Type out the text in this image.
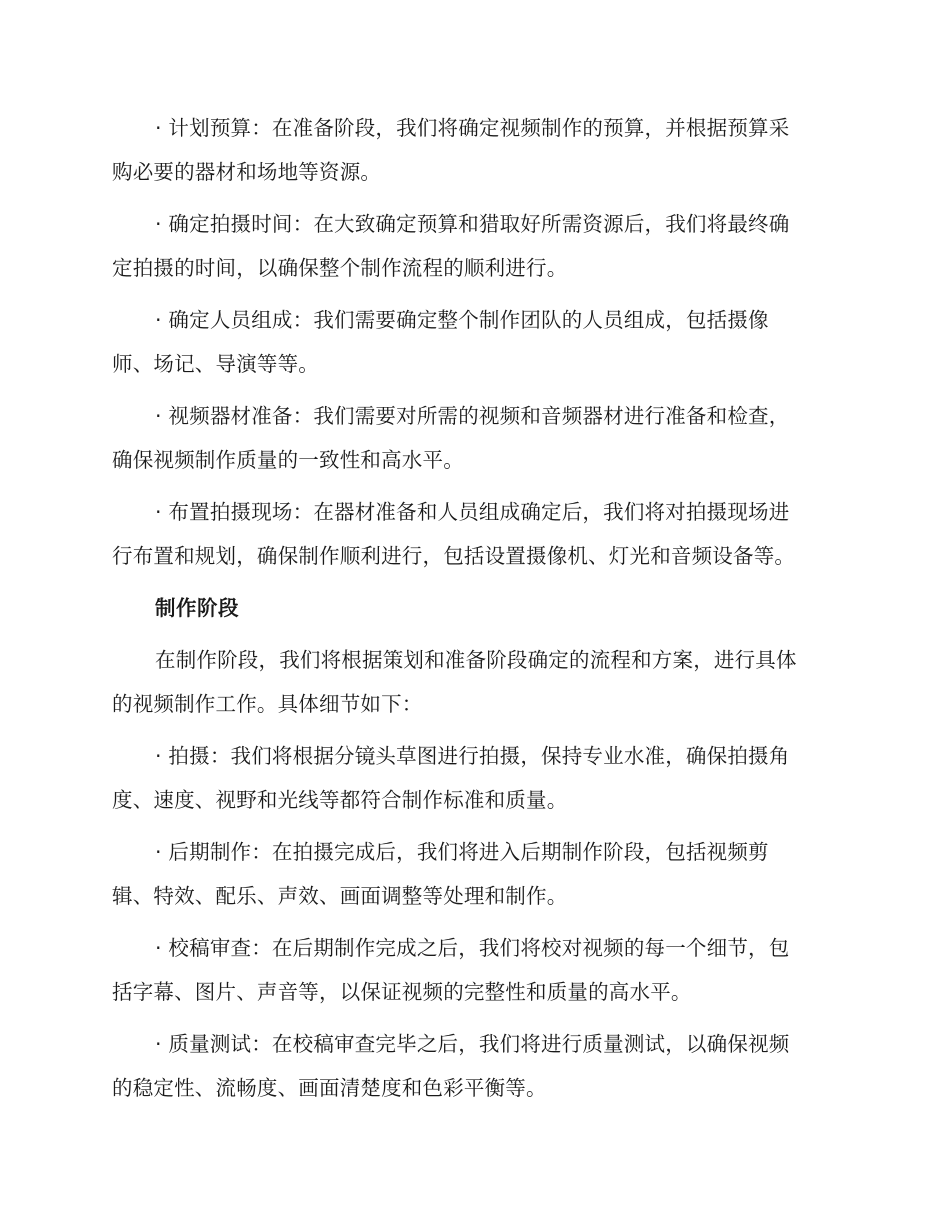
· 计划预算：在准备阶段，我们将确定视频制作的预算，并根据预算采
购必要的器材和场地等资源。

· 确定拍摄时间：在大致确定预算和猎取好所需资源后，我们将最终确
定拍摄的时间，以确保整个制作流程的顺利进行。

· 确定人员组成：我们需要确定整个制作团队的人员组成，包括摄像
师、场记、导演等等。

· 视频器材准备：我们需要对所需的视频和音频器材进行准备和检查，
确保视频制作质量的一致性和高水平。

· 布置拍摄现场：在器材准备和人员组成确定后，我们将对拍摄现场进
行布置和规划，确保制作顺利进行，包括设置摄像机、灯光和音频设备等。

制作阶段

在制作阶段，我们将根据策划和准备阶段确定的流程和方案，进行具体
的视频制作工作。具体细节如下：

· 拍摄：我们将根据分镜头草图进行拍摄，保持专业水准，确保拍摄角
度、速度、视野和光线等都符合制作标准和质量。

· 后期制作：在拍摄完成后，我们将进入后期制作阶段，包括视频剪
辑、特效、配乐、声效、画面调整等处理和制作。

· 校稿审查：在后期制作完成之后，我们将校对视频的每一个细节，包
括字幕、图片、声音等，以保证视频的完整性和质量的高水平。

· 质量测试：在校稿审查完毕之后，我们将进行质量测试，以确保视频
的稳定性、流畅度、画面清楚度和色彩平衡等。
